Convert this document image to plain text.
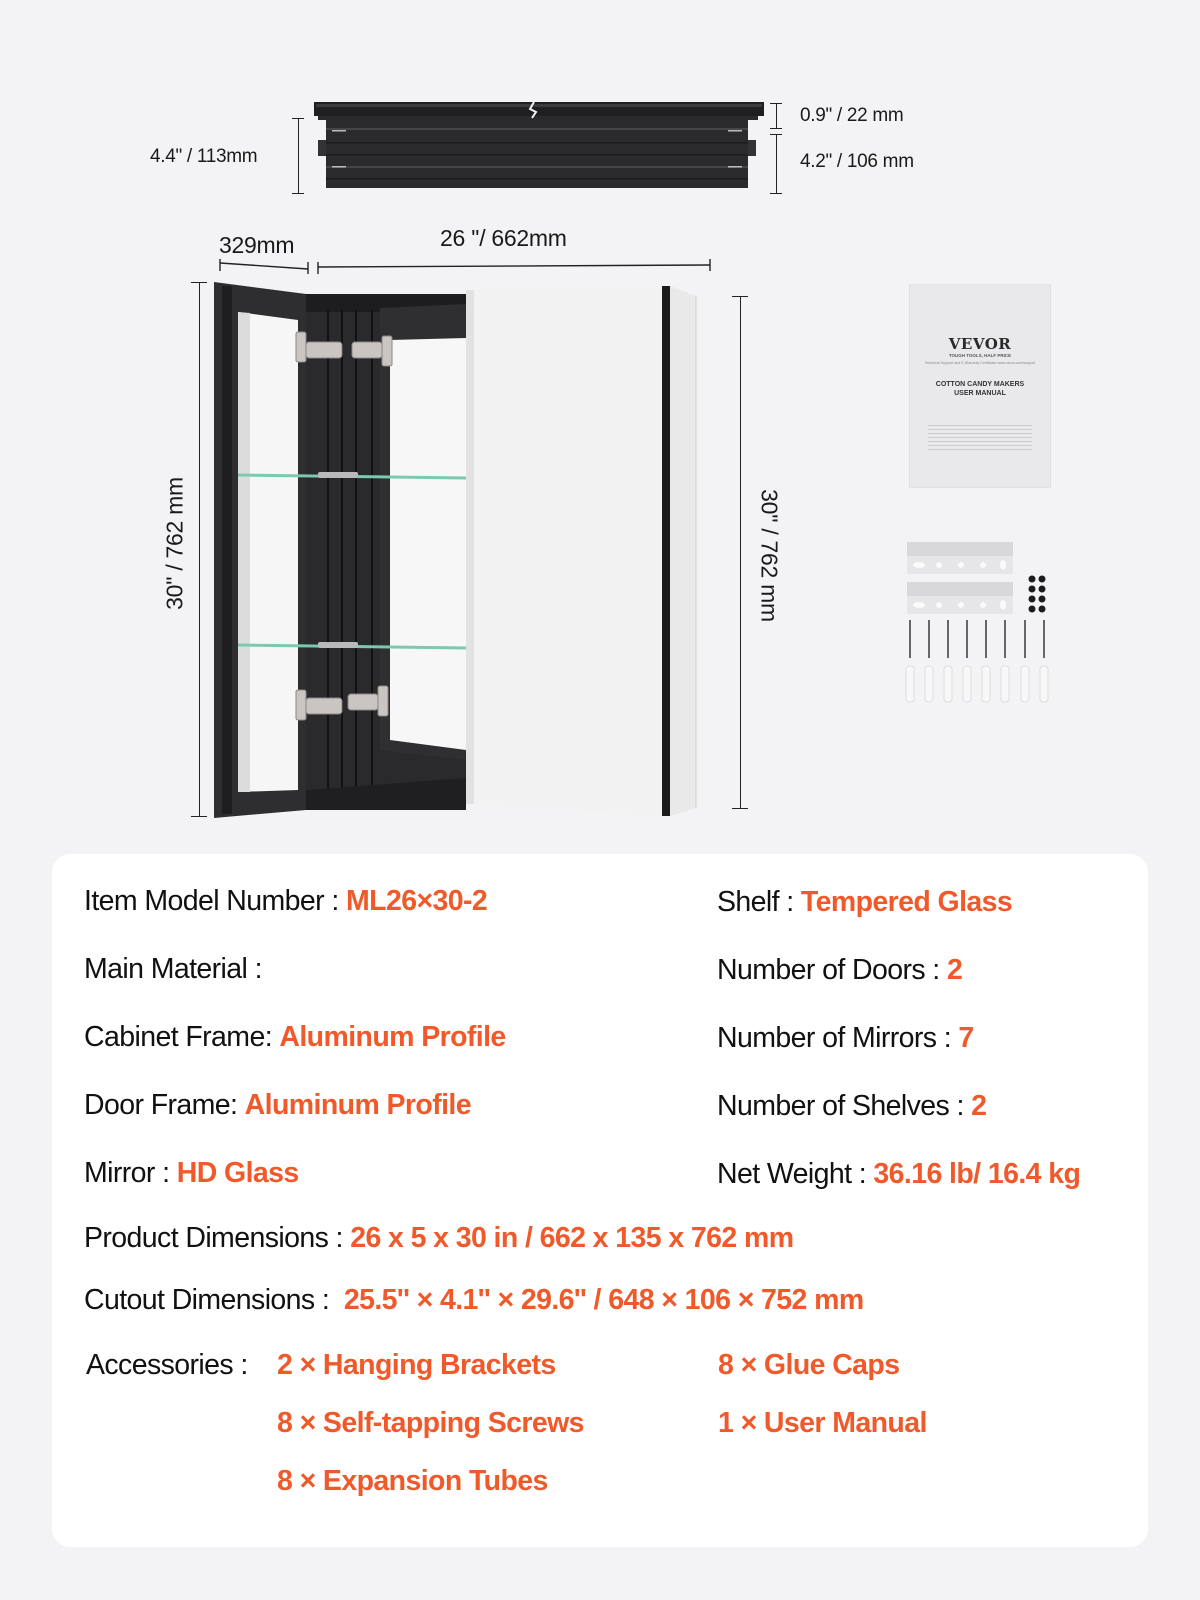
4.4" / 113mm
0.9" / 22 mm
4.2" / 106 mm
329mm	26 ''/ 662mm
30'' / 762 mm	30'' / 762 mm
VEVOR
TOUGH TOOLS, HALF PRICE
Technical Support and E-Warranty Certificate www.vevor.com/support
COTTON CANDY MAKERS
USER MANUAL
Item Model Number : ML26×30-2
Main Material :
Cabinet Frame: Aluminum Profile
Door Frame: Aluminum Profile
Mirror : HD Glass
Shelf : Tempered Glass
Number of Doors : 2
Number of Mirrors : 7
Number of Shelves : 2
Net Weight : 36.16 lb/ 16.4 kg
Product Dimensions : 26 x 5 x 30 in / 662 x 135 x 762 mm
Cutout Dimensions :  25.5'' × 4.1'' × 29.6'' / 648 × 106 × 752 mm
Accessories : 2 × Hanging Brackets
8 × Self-tapping Screws
8 × Expansion Tubes
8 × Glue Caps
1 × User Manual
